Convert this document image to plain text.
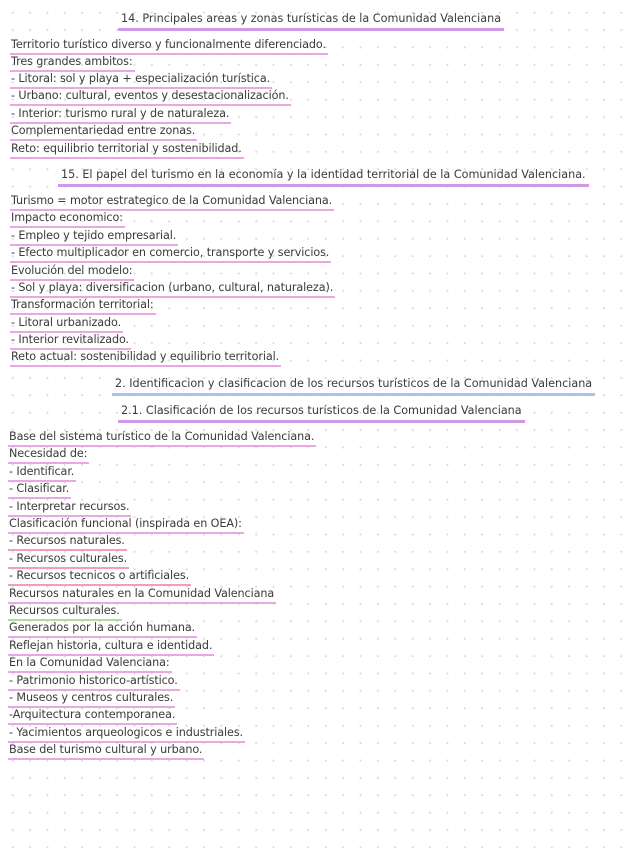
14. Principales areas y zonas turísticas de la Comunidad Valenciana
Territorio turístico diverso y funcionalmente diferenciado.
Tres grandes ambitos:
- Litoral: sol y playa + especialización turística.
- Urbano: cultural, eventos y desestacionalización.
- Interior: turismo rural y de naturaleza.
Complementariedad entre zonas.
Reto: equilibrio territorial y sostenibilidad.
15. El papel del turismo en la economía y la identidad territorial de la Comunidad Valenciana.
Turismo = motor estrategico de la Comunidad Valenciana.
Impacto economico:
- Empleo y tejido empresarial.
- Efecto multiplicador en comercio, transporte y servicios.
Evolución del modelo:
- Sol y playa: diversificacion (urbano, cultural, naturaleza).
Transformación territorial:
- Litoral urbanizado.
- Interior revitalizado.
Reto actual: sostenibilidad y equilibrio territorial.
2. Identificacion y clasificacion de los recursos turísticos de la Comunidad Valenciana
2.1. Clasificación de los recursos turísticos de la Comunidad Valenciana
Base del sistema turístico de la Comunidad Valenciana.
Necesidad de:
- Identificar.
- Clasificar.
- Interpretar recursos.
Clasificación funcional (inspirada en OEA):
- Recursos naturales.
- Recursos culturales.
- Recursos tecnicos o artificiales.
Recursos naturales en la Comunidad Valenciana
Recursos culturales.
Generados por la acción humana.
Reflejan historia, cultura e identidad.
En la Comunidad Valenciana:
- Patrimonio historico-artístico.
- Museos y centros culturales.
-Arquitectura contemporanea.
- Yacimientos arqueologicos e industriales.
Base del turismo cultural y urbano.
